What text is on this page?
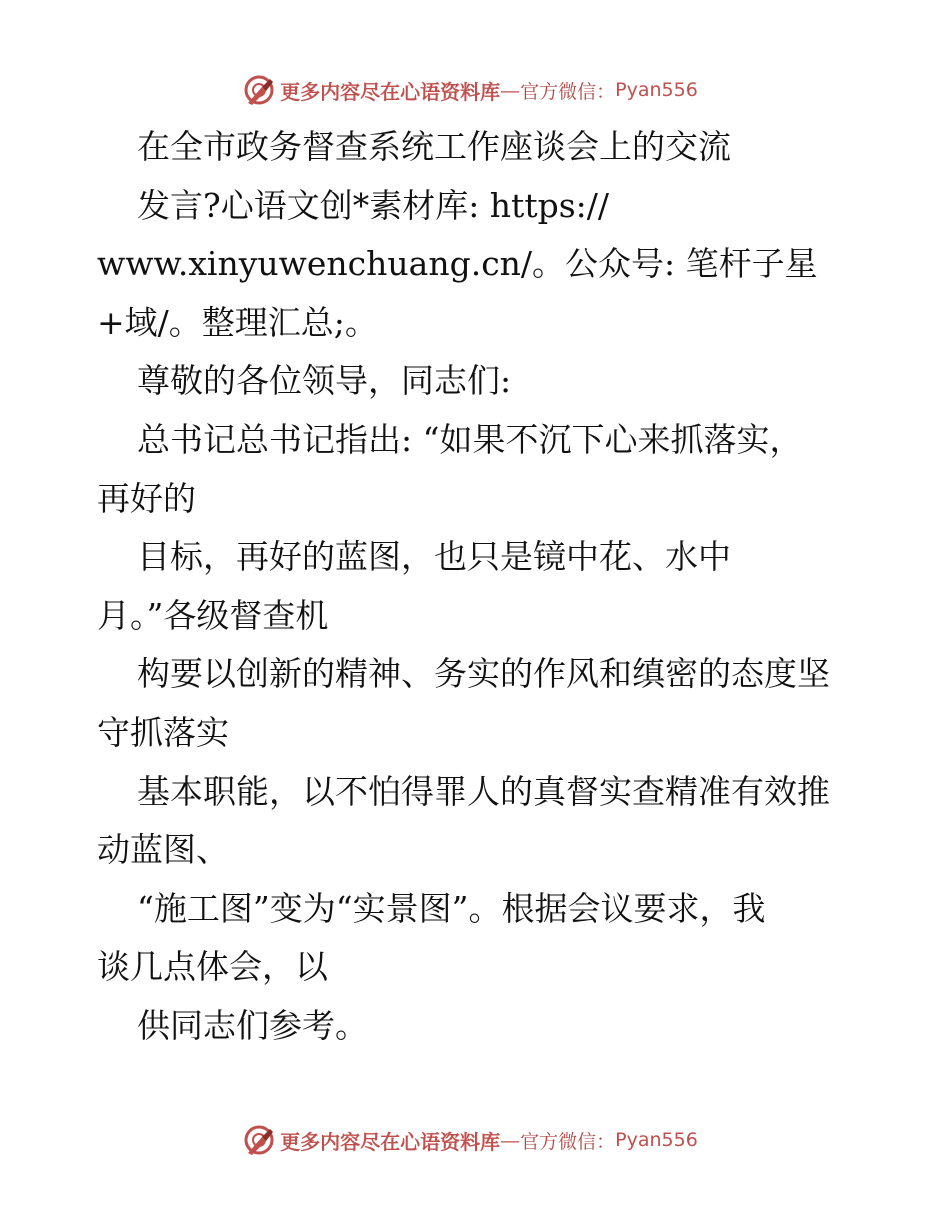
更多内容尽在心语资料库 — 官方微信： Pyan556
在全市政务督查系统工作座谈会上的交流
发言?心语文创*素材库: https://
www.xinyuwenchuang.cn/。公众号: 笔杆子星
+域/。整理汇总;。
尊敬的各位领导，同志们:
总书记总书记指出: “如果不沉下心来抓落实，
再好的
目标，再好的蓝图，也只是镜中花、水中
月。”各级督查机
构要以创新的精神、务实的作风和缜密的态度坚
守抓落实
基本职能，以不怕得罪人的真督实查精准有效推
动蓝图、
“施工图”变为“实景图”。根据会议要求，我
谈几点体会，以
供同志们参考。
更多内容尽在心语资料库 — 官方微信： Pyan556
